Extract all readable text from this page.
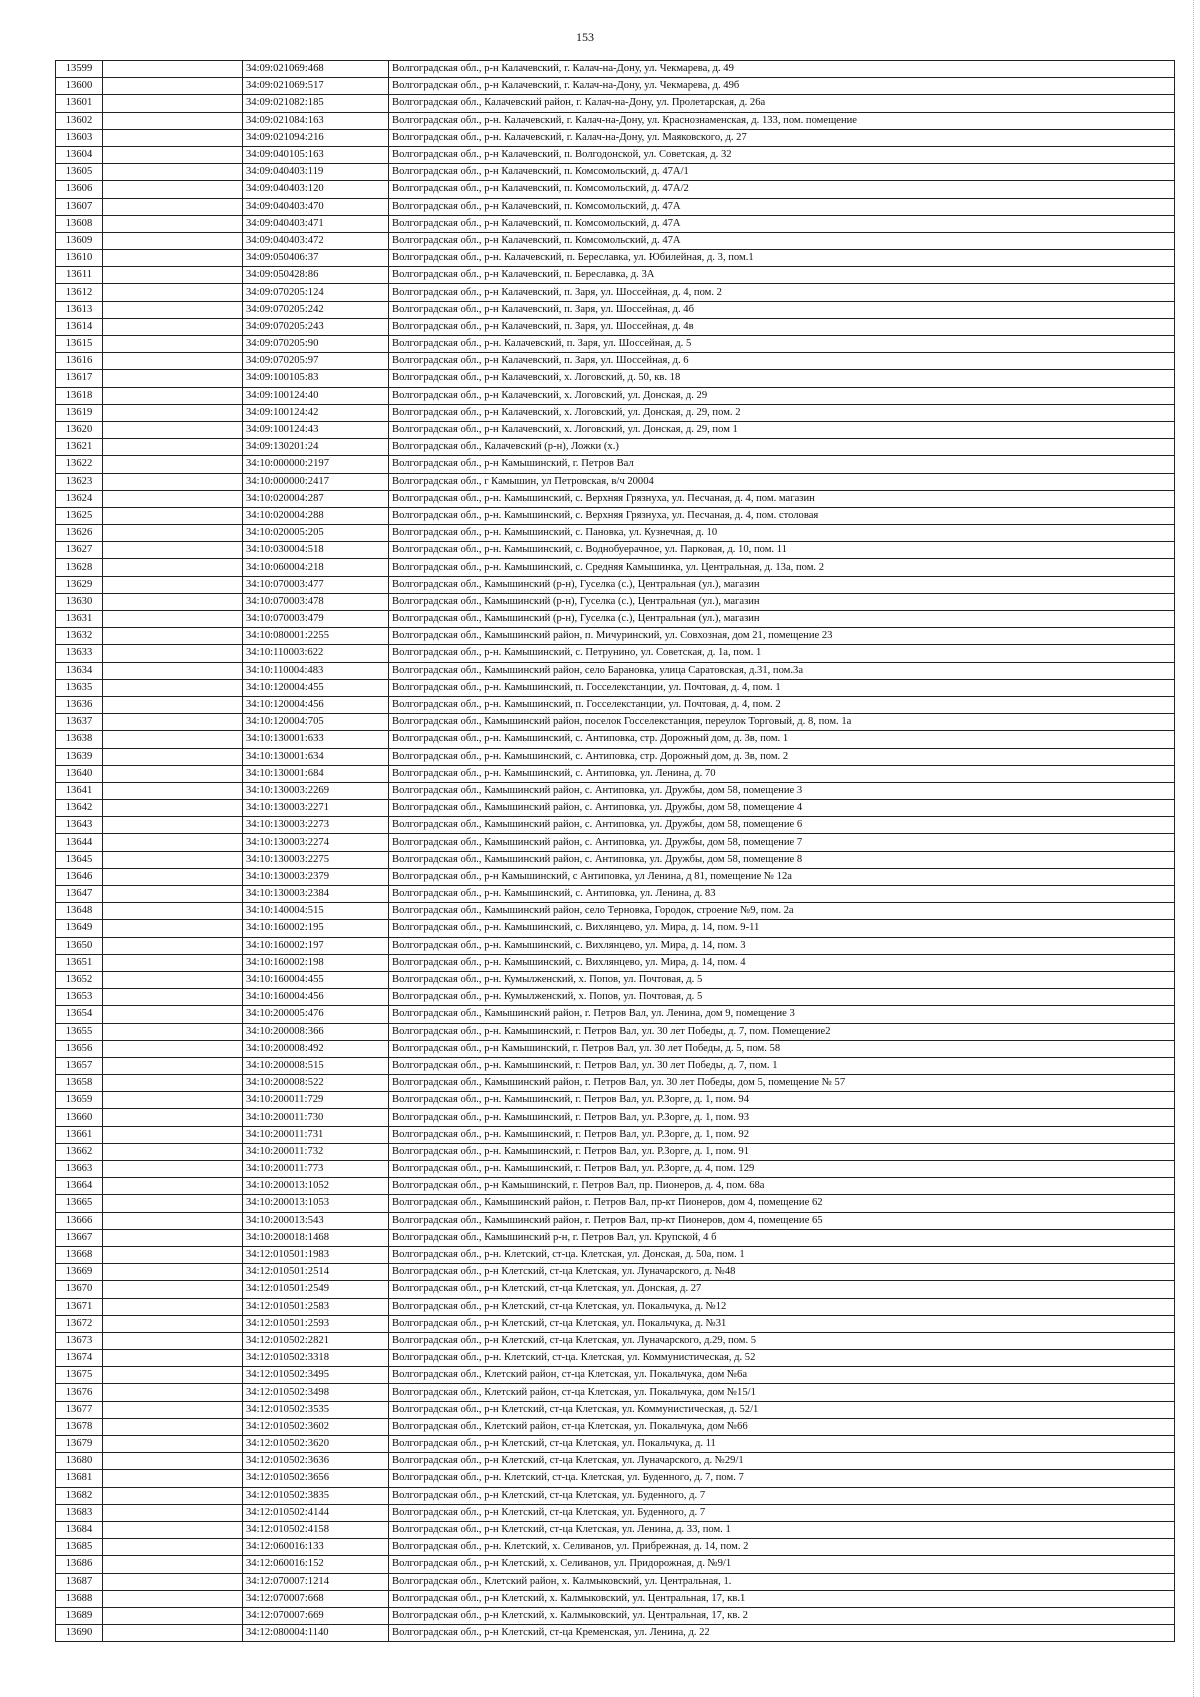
153
13599		34:09:021069:468	Волгоградская обл., р-н Калачевский, г. Калач-на-Дону, ул. Чекмарева, д. 49
13600		34:09:021069:517	Волгоградская обл., р-н Калачевский, г. Калач-на-Дону, ул. Чекмарева, д. 49б
13601		34:09:021082:185	Волгоградская обл., Калачевский район, г. Калач-на-Дону, ул. Пролетарская, д. 26а
13602		34:09:021084:163	Волгоградская обл., р-н. Калачевский, г. Калач-на-Дону, ул. Краснознаменская, д. 133, пом. помещение
13603		34:09:021094:216	Волгоградская обл., р-н. Калачевский, г. Калач-на-Дону, ул. Маяковского, д. 27
13604		34:09:040105:163	Волгоградская обл., р-н Калачевский, п. Волгодонской, ул. Советская, д. 32
13605		34:09:040403:119	Волгоградская обл., р-н Калачевский, п. Комсомольский, д. 47А/1
13606		34:09:040403:120	Волгоградская обл., р-н Калачевский, п. Комсомольский, д. 47А/2
13607		34:09:040403:470	Волгоградская обл., р-н Калачевский, п. Комсомольский, д. 47А
13608		34:09:040403:471	Волгоградская обл., р-н Калачевский, п. Комсомольский, д. 47А
13609		34:09:040403:472	Волгоградская обл., р-н Калачевский, п. Комсомольский, д. 47А
13610		34:09:050406:37	Волгоградская обл., р-н. Калачевский, п. Береславка, ул. Юбилейная, д. 3, пом.1
13611		34:09:050428:86	Волгоградская обл., р-н Калачевский, п. Береславка, д. 3А
13612		34:09:070205:124	Волгоградская обл., р-н Калачевский, п. Заря, ул. Шоссейная, д. 4, пом. 2
13613		34:09:070205:242	Волгоградская обл., р-н Калачевский, п. Заря, ул. Шоссейная, д. 4б
13614		34:09:070205:243	Волгоградская обл., р-н Калачевский, п. Заря, ул. Шоссейная, д. 4в
13615		34:09:070205:90	Волгоградская обл., р-н. Калачевский, п. Заря, ул. Шоссейная, д. 5
13616		34:09:070205:97	Волгоградская обл., р-н Калачевский, п. Заря, ул. Шоссейная, д. 6
13617		34:09:100105:83	Волгоградская обл., р-н Калачевский, х. Логовский, д. 50, кв. 18
13618		34:09:100124:40	Волгоградская обл., р-н Калачевский, х. Логовский, ул. Донская, д. 29
13619		34:09:100124:42	Волгоградская обл., р-н Калачевский, х. Логовский, ул. Донская, д. 29, пом. 2
13620		34:09:100124:43	Волгоградская обл., р-н Калачевский, х. Логовский, ул. Донская, д. 29, пом 1
13621		34:09:130201:24	Волгоградская обл., Калачевский (р-н), Ложки (х.)
13622		34:10:000000:2197	Волгоградская обл., р-н Камышинский, г. Петров Вал
13623		34:10:000000:2417	Волгоградская обл., г Камышин, ул Петровская, в/ч 20004
13624		34:10:020004:287	Волгоградская обл., р-н. Камышинский, с. Верхняя Грязнуха, ул. Песчаная, д. 4, пом. магазин
13625		34:10:020004:288	Волгоградская обл., р-н. Камышинский, с. Верхняя Грязнуха, ул. Песчаная, д. 4, пом. столовая
13626		34:10:020005:205	Волгоградская обл., р-н. Камышинский, с. Пановка, ул. Кузнечная, д. 10
13627		34:10:030004:518	Волгоградская обл., р-н. Камышинский, с. Воднобуерачное, ул. Парковая, д. 10, пом. 11
13628		34:10:060004:218	Волгоградская обл., р-н. Камышинский, с. Средняя Камышинка, ул. Центральная, д. 13а, пом. 2
13629		34:10:070003:477	Волгоградская обл., Камышинский (р-н), Гуселка (с.), Центральная (ул.), магазин
13630		34:10:070003:478	Волгоградская обл., Камышинский (р-н), Гуселка (с.), Центральная (ул.), магазин
13631		34:10:070003:479	Волгоградская обл., Камышинский (р-н), Гуселка (с.), Центральная (ул.), магазин
13632		34:10:080001:2255	Волгоградская обл., Камышинский район, п. Мичуринский, ул. Совхозная, дом 21, помещение 23
13633		34:10:110003:622	Волгоградская обл., р-н. Камышинский, с. Петрунино, ул. Советская, д. 1а, пом. 1
13634		34:10:110004:483	Волгоградская обл., Камышинский район, село Барановка, улица Саратовская, д.31, пом.3а
13635		34:10:120004:455	Волгоградская обл., р-н. Камышинский, п. Госселекстанции, ул. Почтовая, д. 4, пом. 1
13636		34:10:120004:456	Волгоградская обл., р-н. Камышинский, п. Госселекстанции, ул. Почтовая, д. 4, пом. 2
13637		34:10:120004:705	Волгоградская обл., Камышинский район, поселок Госселекстанция, переулок Торговый, д. 8, пом. 1а
13638		34:10:130001:633	Волгоградская обл., р-н. Камышинский, с. Антиповка, стр. Дорожный дом, д. 3в, пом. 1
13639		34:10:130001:634	Волгоградская обл., р-н. Камышинский, с. Антиповка, стр. Дорожный дом, д. 3в, пом. 2
13640		34:10:130001:684	Волгоградская обл., р-н. Камышинский, с. Антиповка, ул. Ленина, д. 70
13641		34:10:130003:2269	Волгоградская обл., Камышинский район, с. Антиповка, ул. Дружбы, дом 58, помещение 3
13642		34:10:130003:2271	Волгоградская обл., Камышинский район, с. Антиповка, ул. Дружбы, дом 58, помещение 4
13643		34:10:130003:2273	Волгоградская обл., Камышинский район, с. Антиповка, ул. Дружбы, дом 58, помещение 6
13644		34:10:130003:2274	Волгоградская обл., Камышинский район, с. Антиповка, ул. Дружбы, дом 58, помещение 7
13645		34:10:130003:2275	Волгоградская обл., Камышинский район, с. Антиповка, ул. Дружбы, дом 58, помещение 8
13646		34:10:130003:2379	Волгоградская обл., р-н Камышинский, с Антиповка, ул Ленина, д 81, помещение № 12а
13647		34:10:130003:2384	Волгоградская обл., р-н. Камышинский, с. Антиповка, ул. Ленина, д. 83
13648		34:10:140004:515	Волгоградская обл., Камышинский район, село Терновка, Городок, строение №9, пом. 2а
13649		34:10:160002:195	Волгоградская обл., р-н. Камышинский, с. Вихлянцево, ул. Мира, д. 14, пом. 9-11
13650		34:10:160002:197	Волгоградская обл., р-н. Камышинский, с. Вихлянцево, ул. Мира, д. 14, пом. 3
13651		34:10:160002:198	Волгоградская обл., р-н. Камышинский, с. Вихлянцево, ул. Мира, д. 14, пом. 4
13652		34:10:160004:455	Волгоградская обл., р-н. Кумылженский, х. Попов, ул. Почтовая, д. 5
13653		34:10:160004:456	Волгоградская обл., р-н. Кумылженский, х. Попов, ул. Почтовая, д. 5
13654		34:10:200005:476	Волгоградская обл., Камышинский район, г. Петров Вал, ул. Ленина, дом 9, помещение 3
13655		34:10:200008:366	Волгоградская обл., р-н. Камышинский, г. Петров Вал, ул. 30 лет Победы, д. 7, пом. Помещение2
13656		34:10:200008:492	Волгоградская обл., р-н Камышинский, г. Петров Вал, ул. 30 лет Победы, д. 5, пом. 58
13657		34:10:200008:515	Волгоградская обл., р-н. Камышинский, г. Петров Вал, ул. 30 лет Победы, д. 7, пом. 1
13658		34:10:200008:522	Волгоградская обл., Камышинский район, г. Петров Вал, ул. 30 лет Победы, дом 5, помещение № 57
13659		34:10:200011:729	Волгоградская обл., р-н. Камышинский, г. Петров Вал, ул. Р.Зорге, д. 1, пом. 94
13660		34:10:200011:730	Волгоградская обл., р-н. Камышинский, г. Петров Вал, ул. Р.Зорге, д. 1, пом. 93
13661		34:10:200011:731	Волгоградская обл., р-н. Камышинский, г. Петров Вал, ул. Р.Зорге, д. 1, пом. 92
13662		34:10:200011:732	Волгоградская обл., р-н. Камышинский, г. Петров Вал, ул. Р.Зорге, д. 1, пом. 91
13663		34:10:200011:773	Волгоградская обл., р-н. Камышинский, г. Петров Вал, ул. Р.Зорге, д. 4, пом. 129
13664		34:10:200013:1052	Волгоградская обл., р-н Камышинский, г. Петров Вал, пр. Пионеров, д. 4, пом. 68а
13665		34:10:200013:1053	Волгоградская обл., Камышинский район, г. Петров Вал, пр-кт Пионеров, дом 4, помещение 62
13666		34:10:200013:543	Волгоградская обл., Камышинский район, г. Петров Вал, пр-кт Пионеров, дом 4, помещение 65
13667		34:10:200018:1468	Волгоградская обл., Камышинский р-н, г. Петров Вал, ул. Крупской, 4 б
13668		34:12:010501:1983	Волгоградская обл., р-н. Клетский, ст-ца. Клетская, ул. Донская, д. 50а, пом. 1
13669		34:12:010501:2514	Волгоградская обл., р-н Клетский, ст-ца Клетская, ул. Луначарского, д. №48
13670		34:12:010501:2549	Волгоградская обл., р-н Клетский, ст-ца Клетская, ул. Донская, д. 27
13671		34:12:010501:2583	Волгоградская обл., р-н Клетский, ст-ца Клетская, ул. Покальчука, д. №12
13672		34:12:010501:2593	Волгоградская обл., р-н Клетский, ст-ца Клетская, ул. Покальчука, д. №31
13673		34:12:010502:2821	Волгоградская обл., р-н Клетский, ст-ца Клетская, ул. Луначарского, д.29, пом. 5
13674		34:12:010502:3318	Волгоградская обл., р-н. Клетский, ст-ца. Клетская, ул. Коммунистическая, д. 52
13675		34:12:010502:3495	Волгоградская обл., Клетский район, ст-ца Клетская, ул. Покальчука, дом №6а
13676		34:12:010502:3498	Волгоградская обл., Клетский район, ст-ца Клетская, ул. Покальчука, дом №15/1
13677		34:12:010502:3535	Волгоградская обл., р-н Клетский, ст-ца Клетская, ул. Коммунистическая, д. 52/1
13678		34:12:010502:3602	Волгоградская обл., Клетский район, ст-ца Клетская, ул. Покальчука, дом №66
13679		34:12:010502:3620	Волгоградская обл., р-н Клетский, ст-ца Клетская, ул. Покальчука, д. 11
13680		34:12:010502:3636	Волгоградская обл., р-н Клетский, ст-ца Клетская, ул. Луначарского, д. №29/1
13681		34:12:010502:3656	Волгоградская обл., р-н. Клетский, ст-ца. Клетская, ул. Буденного, д. 7, пом. 7
13682		34:12:010502:3835	Волгоградская обл., р-н Клетский, ст-ца Клетская, ул. Буденного, д. 7
13683		34:12:010502:4144	Волгоградская обл., р-н Клетский, ст-ца Клетская, ул. Буденного, д. 7
13684		34:12:010502:4158	Волгоградская обл., р-н Клетский, ст-ца Клетская, ул. Ленина, д. 33, пом. 1
13685		34:12:060016:133	Волгоградская обл., р-н. Клетский, х. Селиванов, ул. Прибрежная, д. 14, пом. 2
13686		34:12:060016:152	Волгоградская обл., р-н Клетский, х. Селиванов, ул. Придорожная, д. №9/1
13687		34:12:070007:1214	Волгоградская обл., Клетский район, х. Калмыковский, ул. Центральная, 1.
13688		34:12:070007:668	Волгоградская обл., р-н Клетский, х. Калмыковский, ул. Центральная, 17, кв.1
13689		34:12:070007:669	Волгоградская обл., р-н Клетский, х. Калмыковский, ул. Центральная, 17, кв. 2
13690		34:12:080004:1140	Волгоградская обл., р-н Клетский, ст-ца Кременская, ул. Ленина, д. 22
